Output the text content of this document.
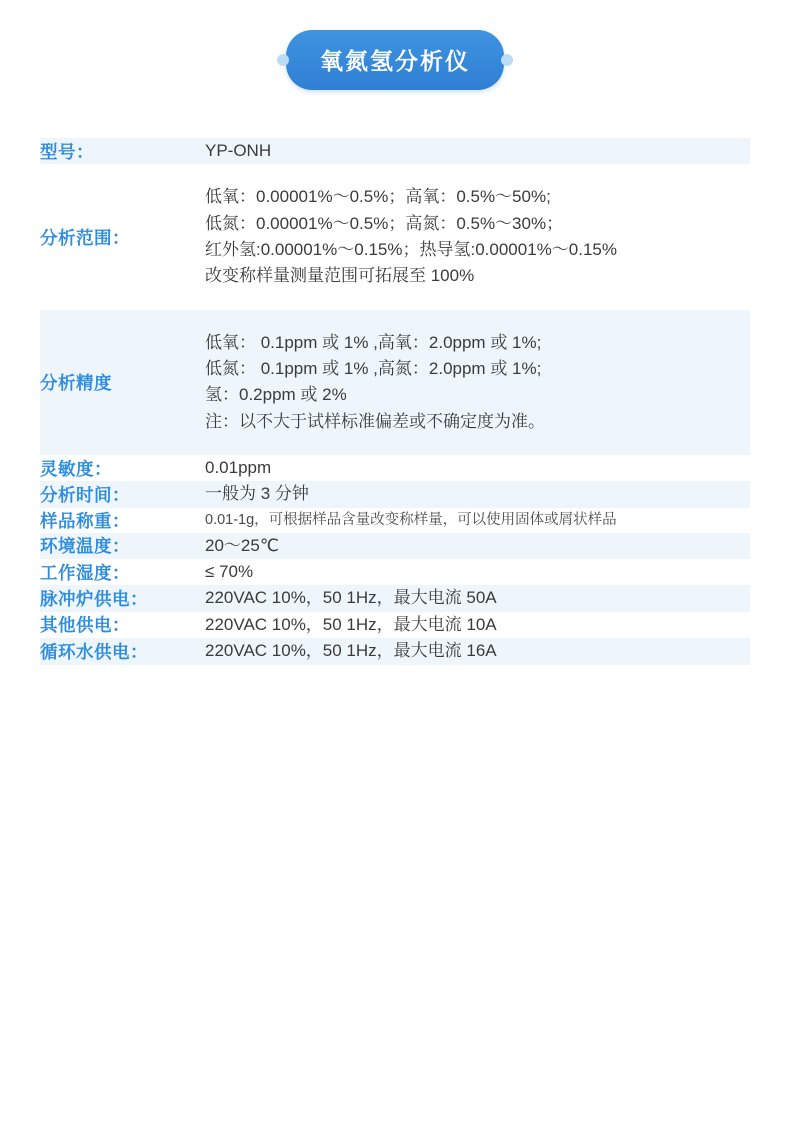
氧氮氢分析仪
型号：	YP-ONH

分析范围：	低氧：0.00001%～0.5%；高氧：0.5%～50%;
低氮：0.00001%～0.5%；高氮：0.5%～30%；
红外氢:0.00001%～0.15%；热导氢:0.00001%～0.15%
改变称样量测量范围可拓展至 100%

分析精度	低氧： 0.1ppm 或 1% ,高氧：2.0ppm 或 1%;
低氮： 0.1ppm 或 1% ,高氮：2.0ppm 或 1%;
氢：0.2ppm 或 2%
注：以不大于试样标准偏差或不确定度为准。

灵敏度：	0.01ppm

分析时间：	一般为 3 分钟

样品称重：	0.01-1g，可根据样品含量改变称样量，可以使用固体或屑状样品

环境温度：	20～25℃

工作湿度：	≤ 70%

脉冲炉供电：	220VAC 10%，50 1Hz，最大电流 50A

其他供电：	220VAC 10%，50 1Hz，最大电流 10A

循环水供电：	220VAC 10%，50 1Hz，最大电流 16A
